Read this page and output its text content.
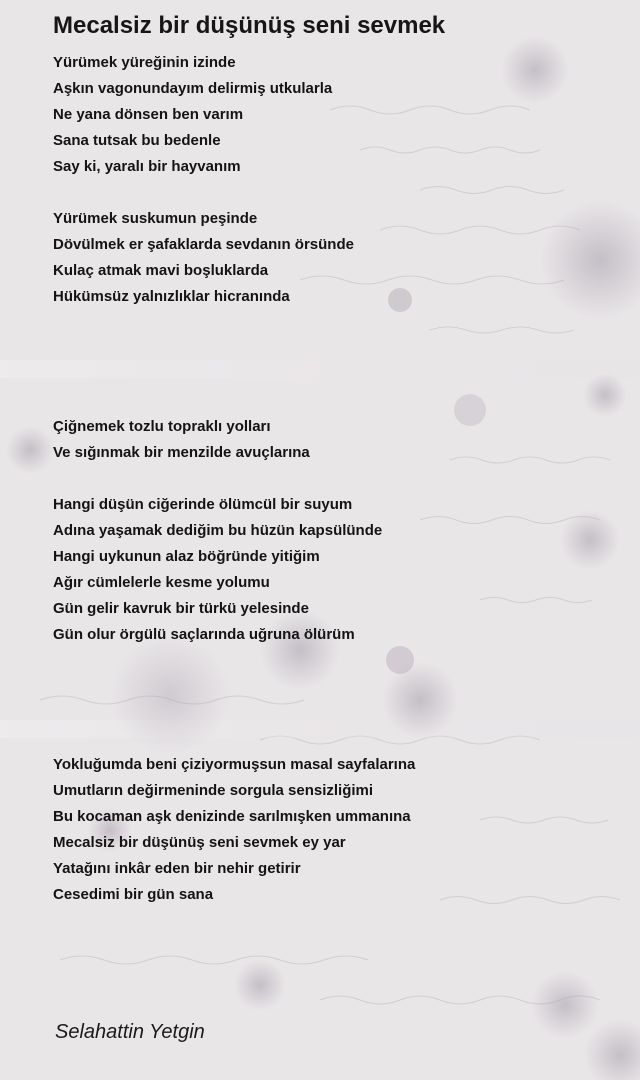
Mecalsiz bir düşünüş seni sevmek
Yürümek yüreğinin izinde
Aşkın vagonundayım delirmiş utkularla
Ne yana dönsen ben varım
Sana tutsak bu bedenle
Say ki, yaralı bir hayvanım
Yürümek suskumun peşinde
Dövülmek er şafaklarda sevdanın örsünde
Kulaç atmak mavi boşluklarda
Hükümsüz yalnızlıklar hicranında
Çiğnemek tozlu topraklı yolları
Ve sığınmak bir menzilde avuçlarına
Hangi düşün ciğerinde ölümcül bir suyum
Adına yaşamak dediğim bu hüzün kapsülünde
Hangi uykunun alaz böğründe yitiğim
Ağır cümlelerle kesme yolumu
Gün gelir kavruk bir türkü yelesinde
Gün olur örgülü saçlarında uğruna ölürüm
Yokluğumda beni çiziyormuşsun masal sayfalarına
Umutların değirmeninde sorgula sensizliğimi
Bu kocaman aşk denizinde sarılmışken ummanına
Mecalsiz bir düşünüş seni sevmek ey yar
Yatağını inkâr eden bir nehir getirir
Cesedimi bir gün sana

Selahattin Yetgin
